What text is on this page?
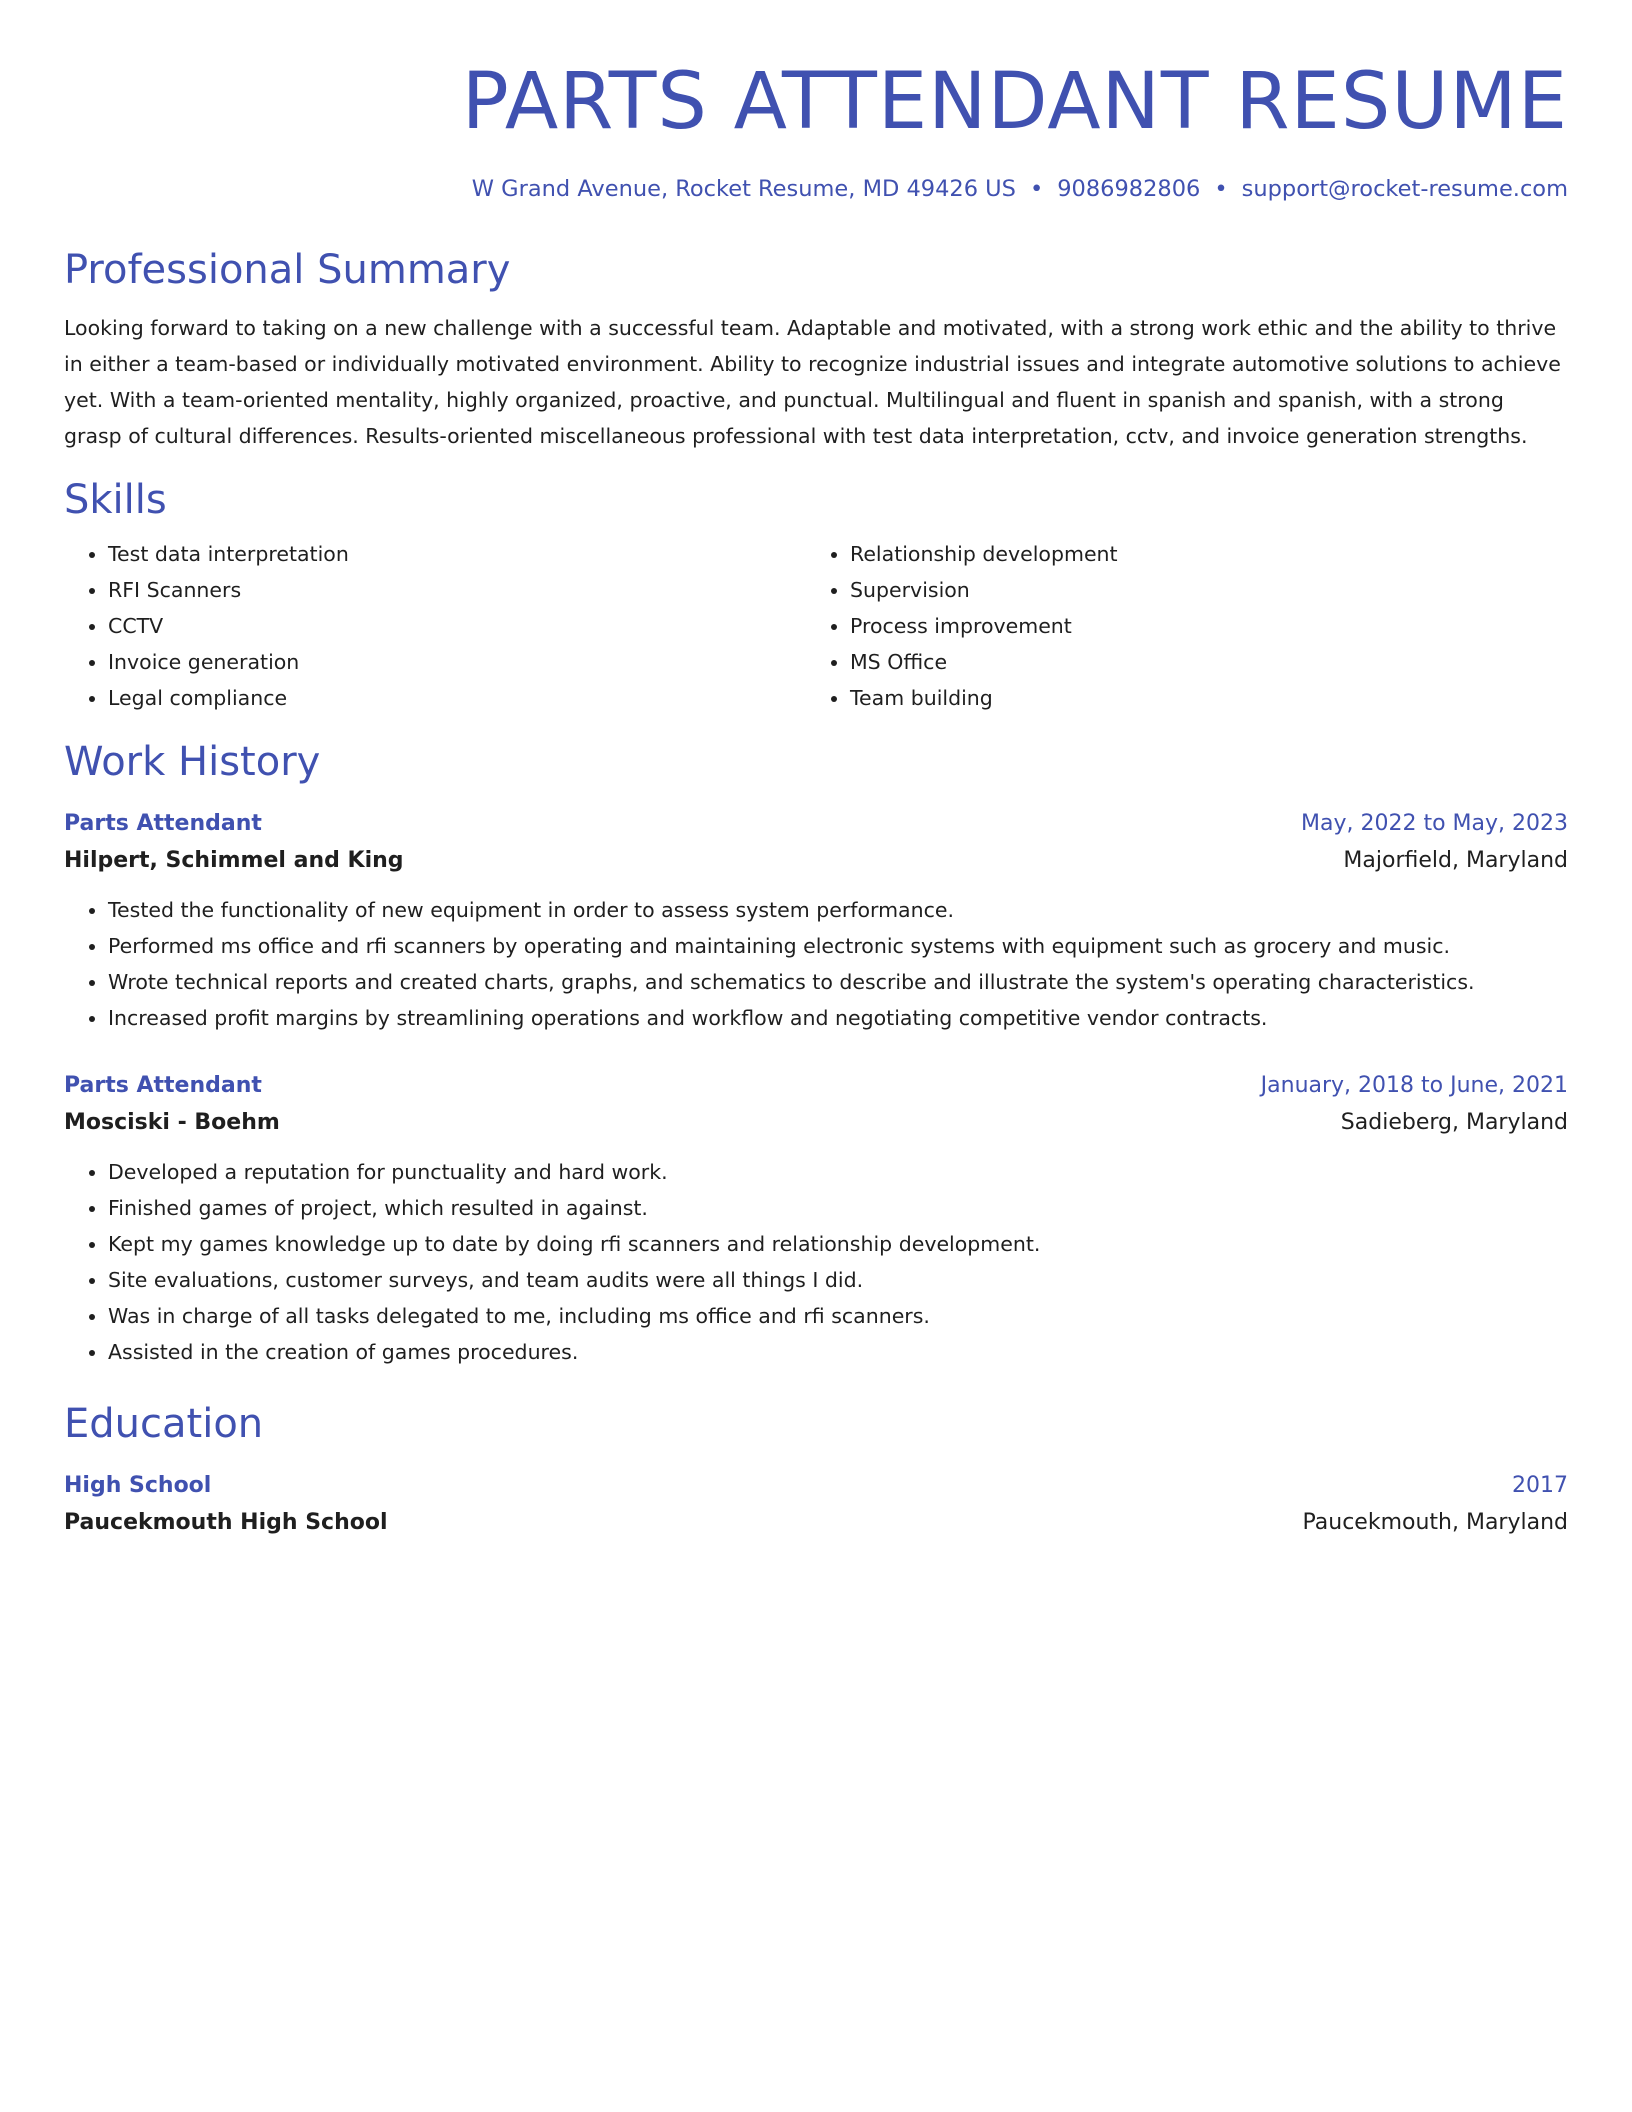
PARTS ATTENDANT RESUME
W Grand Avenue, Rocket Resume, MD 49426 US • 9086982806 • support@rocket-resume.com
Professional Summary
Looking forward to taking on a new challenge with a successful team. Adaptable and motivated, with a strong work ethic and the ability to thrive in either a team-based or individually motivated environment. Ability to recognize industrial issues and integrate automotive solutions to achieve yet. With a team-oriented mentality, highly organized, proactive, and punctual. Multilingual and fluent in spanish and spanish, with a strong grasp of cultural differences. Results-oriented miscellaneous professional with test data interpretation, cctv, and invoice generation strengths.
Skills
• Test data interpretation
• RFI Scanners
• CCTV
• Invoice generation
• Legal compliance
• Relationship development
• Supervision
• Process improvement
• MS Office
• Team building
Work History
Parts Attendant	May, 2022 to May, 2023
Hilpert, Schimmel and King	Majorfield, Maryland
• Tested the functionality of new equipment in order to assess system performance.
• Performed ms office and rfi scanners by operating and maintaining electronic systems with equipment such as grocery and music.
• Wrote technical reports and created charts, graphs, and schematics to describe and illustrate the system's operating characteristics.
• Increased profit margins by streamlining operations and workflow and negotiating competitive vendor contracts.
Parts Attendant	January, 2018 to June, 2021
Mosciski - Boehm	Sadieberg, Maryland
• Developed a reputation for punctuality and hard work.
• Finished games of project, which resulted in against.
• Kept my games knowledge up to date by doing rfi scanners and relationship development.
• Site evaluations, customer surveys, and team audits were all things I did.
• Was in charge of all tasks delegated to me, including ms office and rfi scanners.
• Assisted in the creation of games procedures.
Education
High School	2017
Paucekmouth High School	Paucekmouth, Maryland
